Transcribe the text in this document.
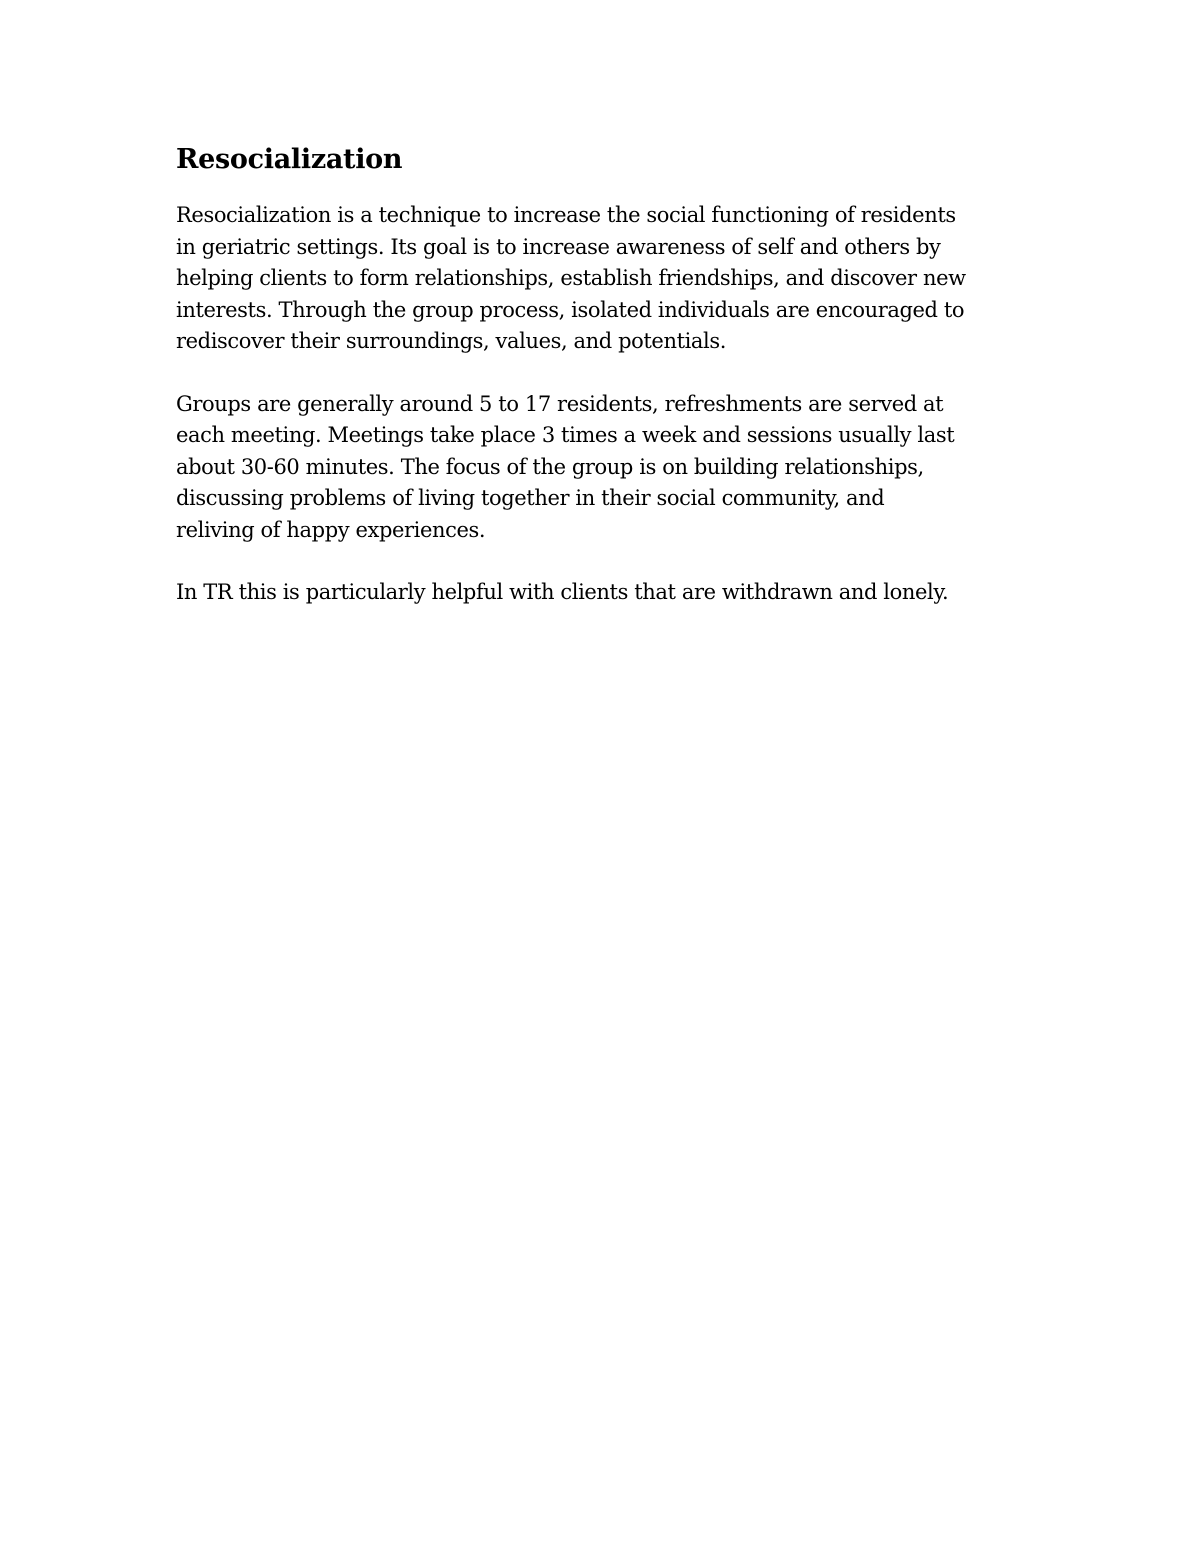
Resocialization

Resocialization is a technique to increase the social functioning of residents
in geriatric settings. Its goal is to increase awareness of self and others by
helping clients to form relationships, establish friendships, and discover new
interests. Through the group process, isolated individuals are encouraged to
rediscover their surroundings, values, and potentials.

Groups are generally around 5 to 17 residents, refreshments are served at
each meeting. Meetings take place 3 times a week and sessions usually last
about 30-60 minutes. The focus of the group is on building relationships,
discussing problems of living together in their social community, and
reliving of happy experiences.

In TR this is particularly helpful with clients that are withdrawn and lonely.
